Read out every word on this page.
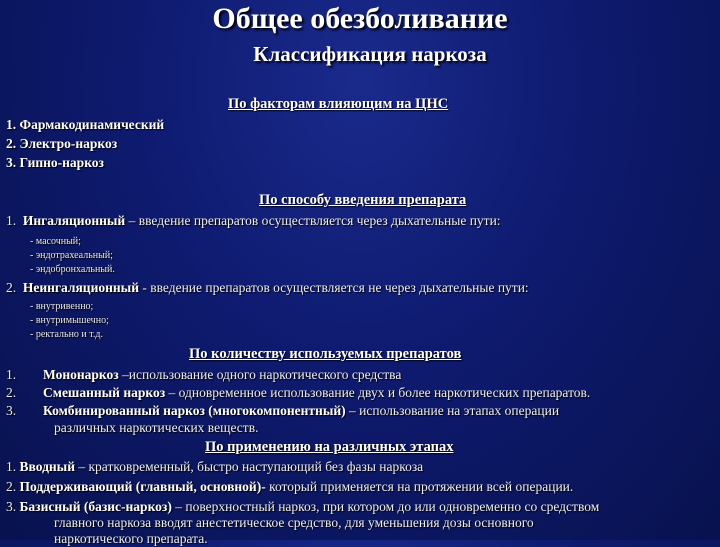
Общее обезболивание
Классификация наркоза
По факторам влияющим на ЦНС
1. Фармакодинамический
2. Электро-наркоз
3. Гипно-наркоз
По способу введения препарата
1. Ингаляционный – введение препаратов осуществляется через дыхательные пути:
- масочный;
- эндотрахеальный;
- эндобронхальный.
2. Неингаляционный - введение препаратов осуществляется не через дыхательные пути:
- внутривенно;
- внутримышечно;
- ректально и т.д.
По количеству используемых препаратов
1. Мононаркоз –использование одного наркотического средства
2. Смешанный наркоз – одновременное использование двух и более наркотических препаратов.
3. Комбинированный наркоз (многокомпонентный) – использование на этапах операции
различных наркотических веществ.
По применению на различных этапах
1. Вводный – кратковременный, быстро наступающий без фазы наркоза
2. Поддерживающий (главный, основной)- который применяется на протяжении всей операции.
3. Базисный (базис-наркоз) – поверхностный наркоз, при котором до или одновременно со средством
главного наркоза вводят анестетическое средство, для уменьшения дозы основного
наркотического препарата.
